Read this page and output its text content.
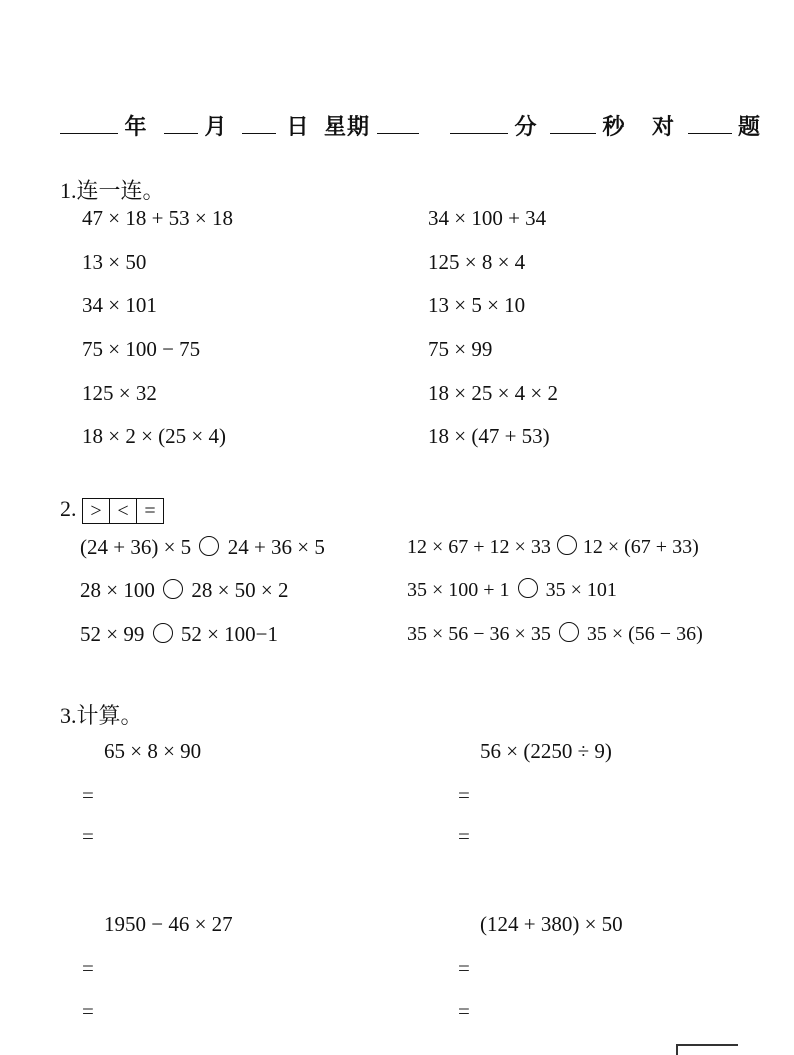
年	月	日 星期	分	秒 对	题
1.连一连。
47 × 18 + 53 × 18
13 × 50
34 × 101
75 × 100 − 75
125 × 32
18 × 2 × (25 × 4)
34 × 100 + 34
125 × 8 × 4
13 × 5 × 10
75 × 99
18 × 25 × 4 × 2
18 × (47 + 53)
2. > < =
(24 + 36) × 5 24 + 36 × 5
28 × 100 28 × 50 × 2
52 × 99 52 × 100−1
12 × 67 + 12 × 33 12 × (67 + 33)
35 × 100 + 1 35 × 101
35 × 56 − 36 × 35 35 × (56 − 36)
3.计算。
65 × 8 × 90
=
=
56 × (2250 ÷ 9)
=
=
1950 − 46 × 27
=
=
(124 + 380) × 50
=
=
